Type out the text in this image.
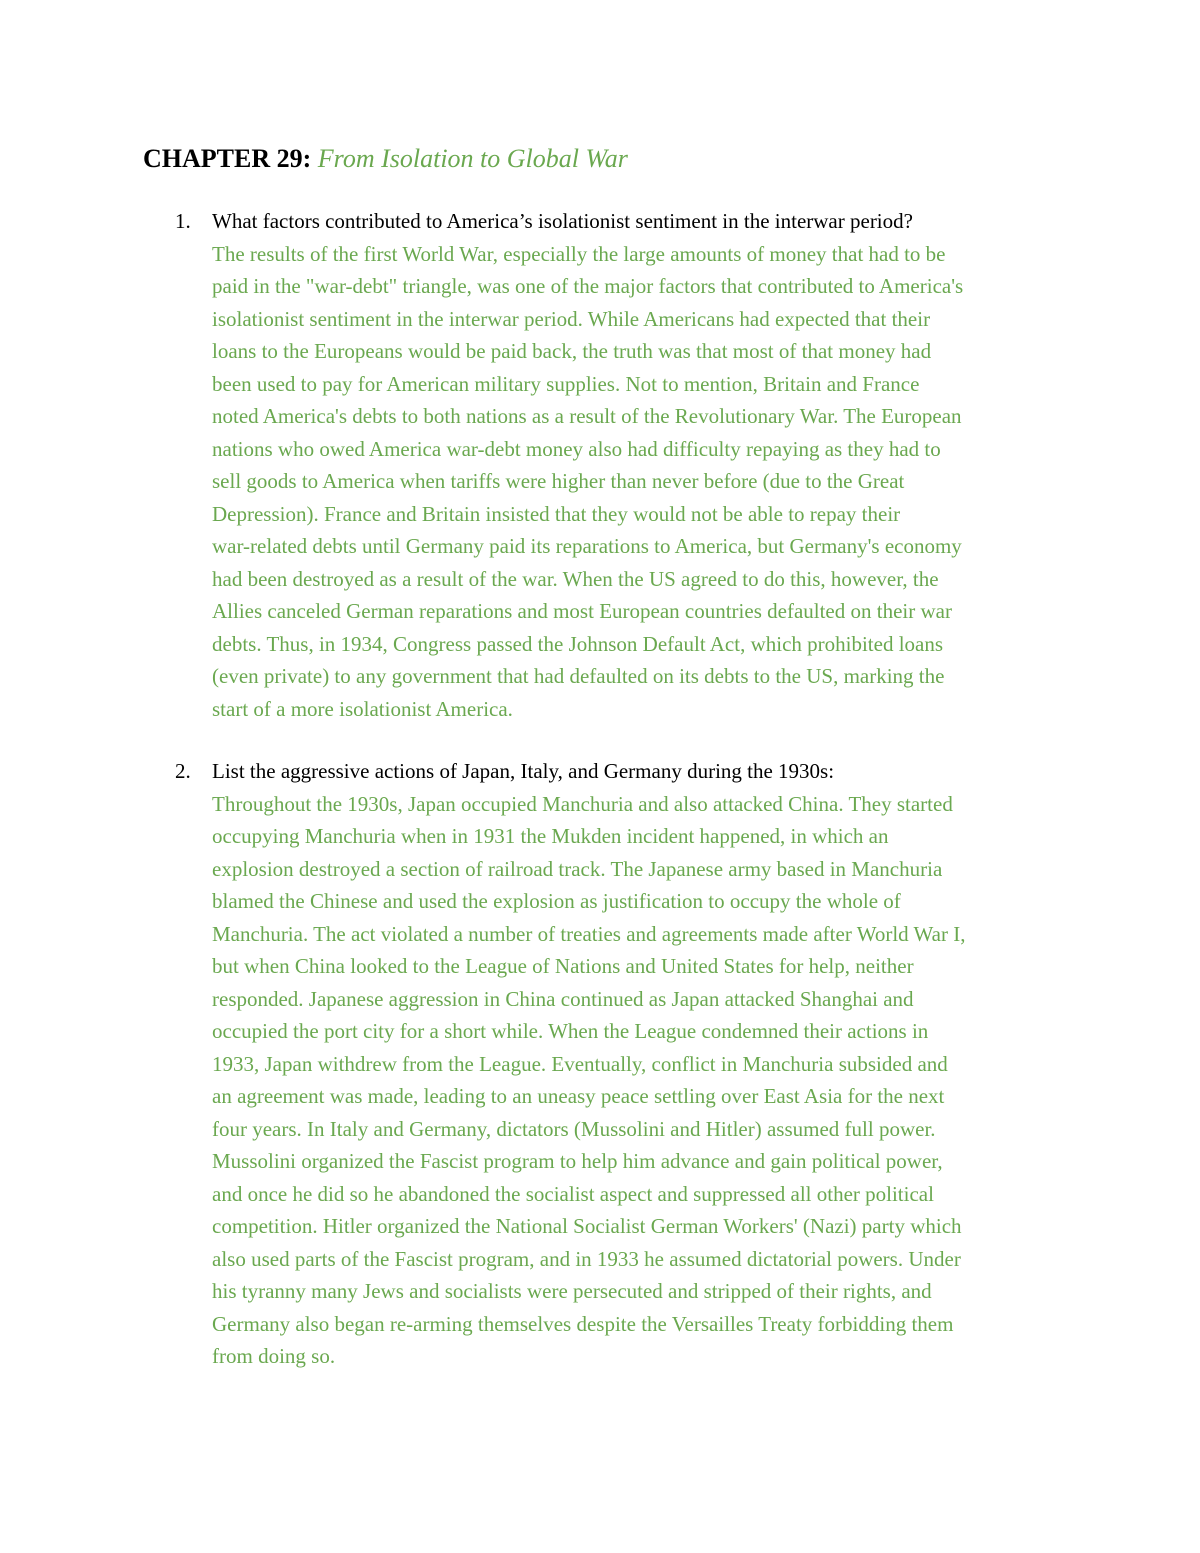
CHAPTER 29: From Isolation to Global War
1.	What factors contributed to America’s isolationist sentiment in the interwar period?
The results of the first World War, especially the large amounts of money that had to be
paid in the "war-debt" triangle, was one of the major factors that contributed to America's
isolationist sentiment in the interwar period. While Americans had expected that their
loans to the Europeans would be paid back, the truth was that most of that money had
been used to pay for American military supplies. Not to mention, Britain and France
noted America's debts to both nations as a result of the Revolutionary War. The European
nations who owed America war-debt money also had difficulty repaying as they had to
sell goods to America when tariffs were higher than never before (due to the Great
Depression). France and Britain insisted that they would not be able to repay their
war-related debts until Germany paid its reparations to America, but Germany's economy
had been destroyed as a result of the war. When the US agreed to do this, however, the
Allies canceled German reparations and most European countries defaulted on their war
debts. Thus, in 1934, Congress passed the Johnson Default Act, which prohibited loans
(even private) to any government that had defaulted on its debts to the US, marking the
start of a more isolationist America.
2.	List the aggressive actions of Japan, Italy, and Germany during the 1930s:
Throughout the 1930s, Japan occupied Manchuria and also attacked China. They started
occupying Manchuria when in 1931 the Mukden incident happened, in which an
explosion destroyed a section of railroad track. The Japanese army based in Manchuria
blamed the Chinese and used the explosion as justification to occupy the whole of
Manchuria. The act violated a number of treaties and agreements made after World War I,
but when China looked to the League of Nations and United States for help, neither
responded. Japanese aggression in China continued as Japan attacked Shanghai and
occupied the port city for a short while. When the League condemned their actions in
1933, Japan withdrew from the League. Eventually, conflict in Manchuria subsided and
an agreement was made, leading to an uneasy peace settling over East Asia for the next
four years. In Italy and Germany, dictators (Mussolini and Hitler) assumed full power.
Mussolini organized the Fascist program to help him advance and gain political power,
and once he did so he abandoned the socialist aspect and suppressed all other political
competition. Hitler organized the National Socialist German Workers' (Nazi) party which
also used parts of the Fascist program, and in 1933 he assumed dictatorial powers. Under
his tyranny many Jews and socialists were persecuted and stripped of their rights, and
Germany also began re-arming themselves despite the Versailles Treaty forbidding them
from doing so.
